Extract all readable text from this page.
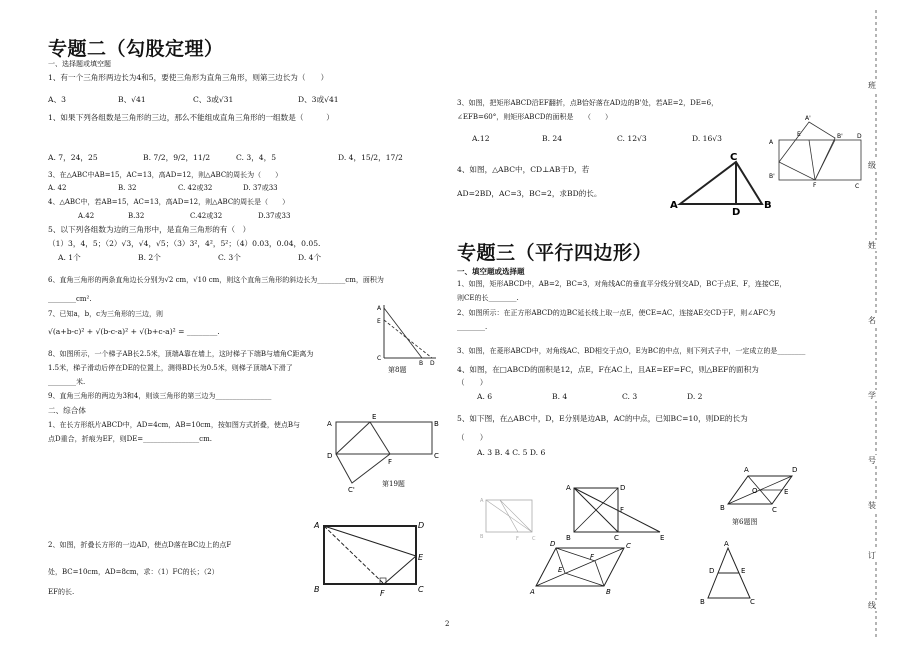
专题二（勾股定理）
一、选择题或填空题
1、有一个三角形两边长为4和5，要使三角形为直角三角形，则第三边长为（　　）
A、3	B、√41	C、3或√31	D、3或√41
1、如果下列各组数是三角形的三边，那么不能组成直角三角形的一组数是（　　　）
A. 7，24，25	B. 7/2，9/2，11/2	C. 3，4，5	D. 4，15/2，17/2
3、在△ABC中AB=15，AC=13，高AD=12，则△ABC的周长为（　　）
A. 42	B. 32	C. 42或32	D. 37或33
4、△ABC中，若AB=15，AC=13，高AD=12，则△ABC的周长是（　　）
A.42	B.32	C.42或32	D.37或33
5、以下列各组数为边的三角形中，是直角三角形的有（　）
（1）3，4，5；（2）√3，√4，√5；（3）3²，4²，5²；（4）0.03，0.04，0.05.
A. 1个	B. 2个	C. 3个	D. 4个
6、直角三角形的两条直角边长分别为√2 cm，√10 cm，则这个直角三角形的斜边长为________cm，面积为
________cm².
7、已知a，b，c为三角形的三边，则
√(a+b-c)² + √(b-c-a)² + √(b+c-a)² = ________.
8、如图所示，一个梯子AB长2.5米，顶端A靠在墙上，这时梯子下端B与墙角C距离为
1.5米，梯子滑动后停在DE的位置上，测得BD长为0.5米，则梯子顶端A下滑了
________米.
9、直角三角形的两边为3和4，则该三角形的第三边为________________
二、综合体
1、在长方形纸片ABCD中，AD=4cm，AB=10cm，按如图方式折叠，使点B与
点D重合，折痕为EF，则DE=________________cm.
2、如图，折叠长方形的一边AD，使点D落在BC边上的点F
处，BC=10cm，AD=8cm，求：（1）FC的长；（2）
EF的长.
A
E
C
B D
第8题
A
E
B
D
F
C
C'
第19题
A	D
E
B	F	C
3、如图，把矩形ABCD沿EF翻折，点B恰好落在AD边的B'处，若AE=2，DE=6，
∠EFB=60°，则矩形ABCD的面积是　　（　　）
A.12	B. 24	C. 12√3	D. 16√3
4、如图，△ABC中，CD⊥AB于D，若
AD=2BD，AC=3，BC=2，求BD的长。
A'
A
E	B' D
B'
F	C
A
C
D
B
专题三（平行四边形）
一、填空题或选择题
1、如图，矩形ABCD中，AB=2，BC=3，对角线AC的垂直平分线分别交AD，BC于点E、F，连接CE，
则CE的长________.
2、如图所示：在正方形ABCD的边BC延长线上取一点E，使CE=AC，连接AE交CD于F，则∠AFC为
________.
3、如图，在菱形ABCD中，对角线AC、BD相交于点O，E为BC的中点，则下列式子中，一定成立的是________
4、如图，在□ABCD的面积是12，点E，F在AC上，且AE=EF=FC，则△BEF的面积为
（　　）
A. 6	B. 4	C. 3	D. 2
5、如下图，在△ABC中，D，E分别是边AB，AC的中点，已知BC=10，则DE的长为
（　　）
A. 3 B. 4 C. 5 D. 6
A
B	F	C
A	D
F
B	C	E
A	D
B	C
O	E
第6题图
D	C
A	B
E
F
A
D	E
B	C
2
班
级
姓
名
学
号
装
订
线
